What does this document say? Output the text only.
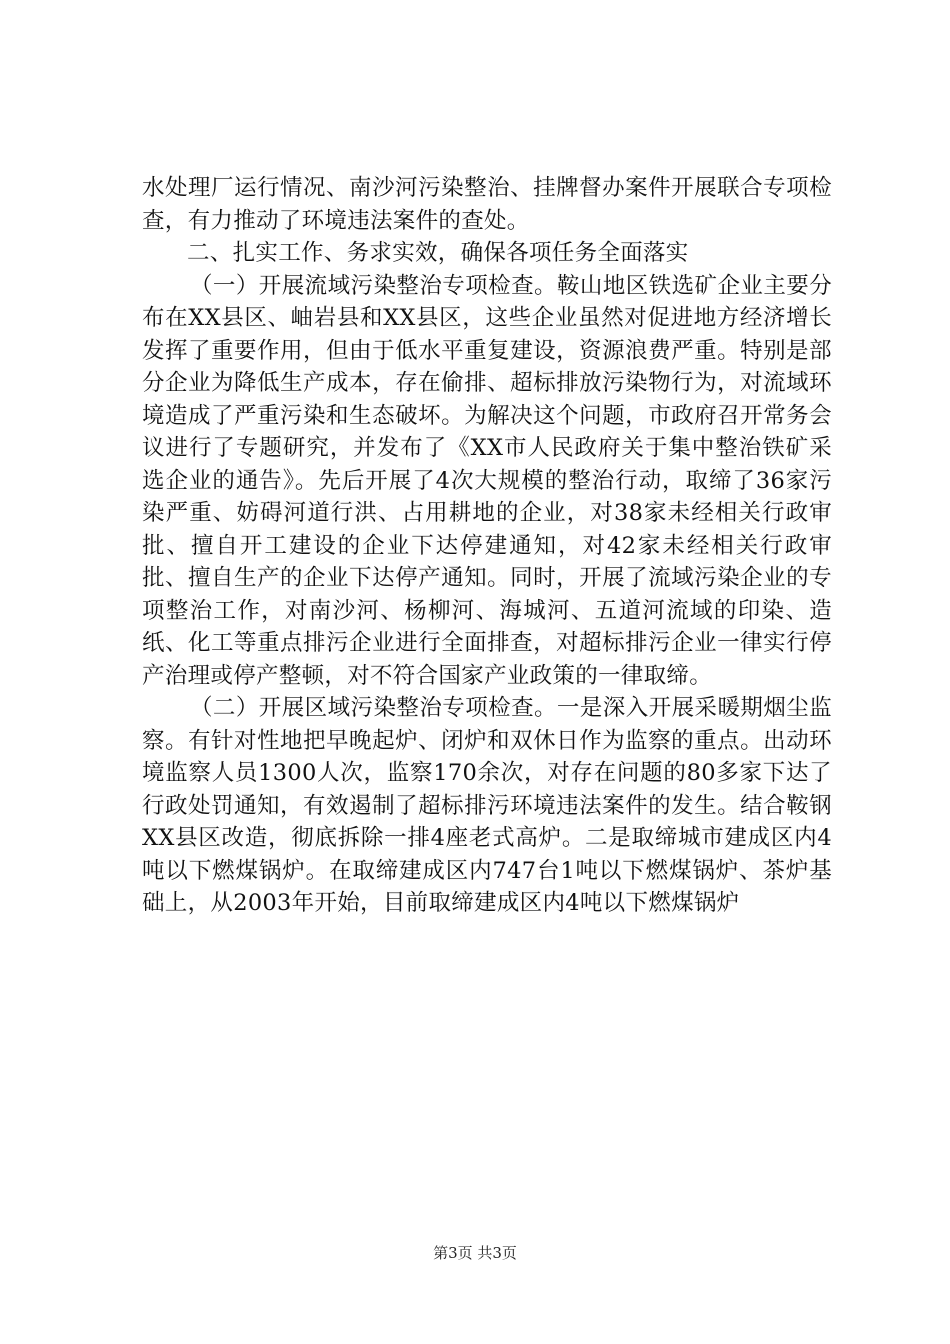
水处理厂运行情况、南沙河污染整治、挂牌督办案件开展联合专项检查，有力推动了环境违法案件的查处。

二、扎实工作、务求实效，确保各项任务全面落实

（一）开展流域污染整治专项检查。鞍山地区铁选矿企业主要分布在XX县区、岫岩县和XX县区，这些企业虽然对促进地方经济增长发挥了重要作用，但由于低水平重复建设，资源浪费严重。特别是部分企业为降低生产成本，存在偷排、超标排放污染物行为，对流域环境造成了严重污染和生态破坏。为解决这个问题，市政府召开常务会议进行了专题研究，并发布了《XX市人民政府关于集中整治铁矿采选企业的通告》。先后开展了4次大规模的整治行动，取缔了36家污染严重、妨碍河道行洪、占用耕地的企业，对38家未经相关行政审批、擅自开工建设的企业下达停建通知，对42家未经相关行政审批、擅自生产的企业下达停产通知。同时，开展了流域污染企业的专项整治工作，对南沙河、杨柳河、海城河、五道河流域的印染、造纸、化工等重点排污企业进行全面排查，对超标排污企业一律实行停产治理或停产整顿，对不符合国家产业政策的一律取缔。

（二）开展区域污染整治专项检查。一是深入开展采暖期烟尘监察。有针对性地把早晚起炉、闭炉和双休日作为监察的重点。出动环境监察人员1300人次，监察170余次，对存在问题的80多家下达了行政处罚通知，有效遏制了超标排污环境违法案件的发生。结合鞍钢XX县区改造，彻底拆除一排4座老式高炉。二是取缔城市建成区内4吨以下燃煤锅炉。在取缔建成区内747台1吨以下燃煤锅炉、茶炉基础上，从2003年开始，目前取缔建成区内4吨以下燃煤锅炉

第3页 共3页
